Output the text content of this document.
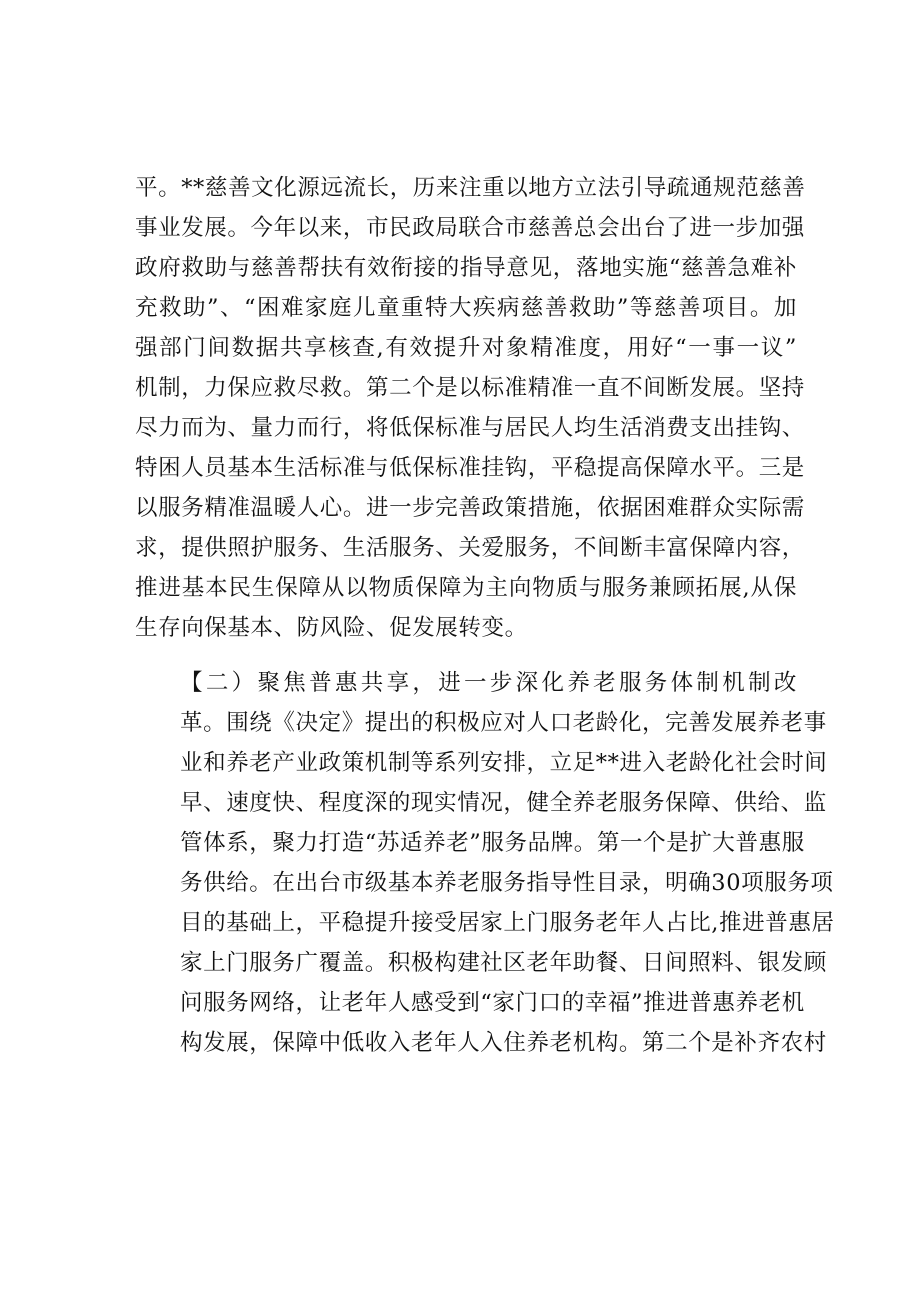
平。**慈善文化源远流长，历来注重以地方立法引导疏通规范慈善
事业发展。今年以来，市民政局联合市慈善总会出台了进一步加强
政府救助与慈善帮扶有效衔接的指导意见，落地实施“慈善急难补
充救助”、“困难家庭儿童重特大疾病慈善救助”等慈善项目。加
强部门间数据共享核查,有效提升对象精准度，用好“一事一议”
机制，力保应救尽救。第二个是以标准精准一直不间断发展。坚持
尽力而为、量力而行，将低保标准与居民人均生活消费支出挂钩、
特困人员基本生活标准与低保标准挂钩，平稳提高保障水平。三是
以服务精准温暖人心。进一步完善政策措施，依据困难群众实际需
求，提供照护服务、生活服务、关爱服务，不间断丰富保障内容，
推进基本民生保障从以物质保障为主向物质与服务兼顾拓展,从保
生存向保基本、防风险、促发展转变。
【二）聚焦普惠共享，进一步深化养老服务体制机制改
革。围绕《决定》提出的积极应对人口老龄化，完善发展养老事
业和养老产业政策机制等系列安排，立足**进入老龄化社会时间
早、速度快、程度深的现实情况，健全养老服务保障、供给、监
管体系，聚力打造“苏适养老”服务品牌。第一个是扩大普惠服
务供给。在出台市级基本养老服务指导性目录，明确30项服务项
目的基础上，平稳提升接受居家上门服务老年人占比,推进普惠居
家上门服务广覆盖。积极构建社区老年助餐、日间照料、银发顾
问服务网络，让老年人感受到“家门口的幸福”推进普惠养老机
构发展，保障中低收入老年人入住养老机构。第二个是补齐农村
